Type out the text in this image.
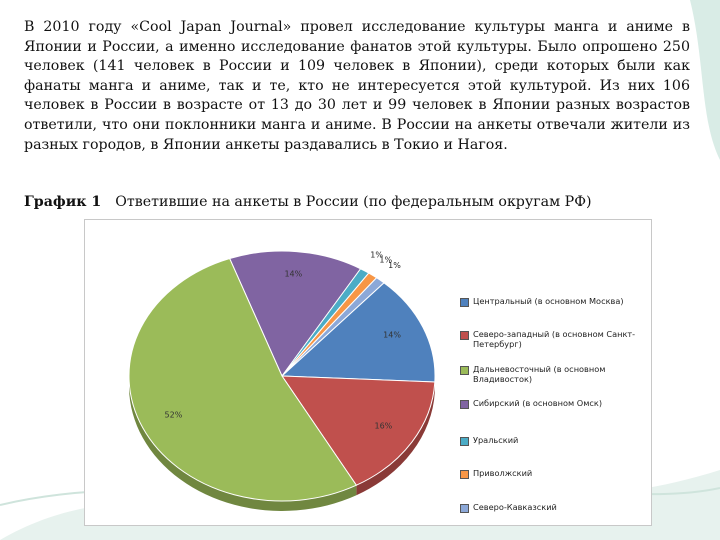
В 2010 году «Cool Japan Journal» провел исследование культуры манга и аниме в Японии и России, а именно исследование фанатов этой культуры. Было опрошено 250 человек (141 человек в России и 109 человек в Японии), среди которых были как фанаты манга и аниме, так и те, кто не интересуется этой культурой. Из них 106 человек в России в возрасте от 13 до 30 лет и 99 человек в Японии разных возрастов ответили, что они поклонники манга и аниме. В России на анкеты отвечали жители из разных городов, в Японии анкеты раздавались в Токио и Нагоя.
График 1 Ответившие на анкеты в России (по федеральным округам РФ)
14%
1%
1%
1%
14%
16%
52%
Центральный (в основном Москва)
Северо-западный (в основном Санкт-Петербург)
Дальневосточный (в основном Владивосток)
Сибирский (в основном Омск)
Уральский
Приволжский
Северо-Кавказский
